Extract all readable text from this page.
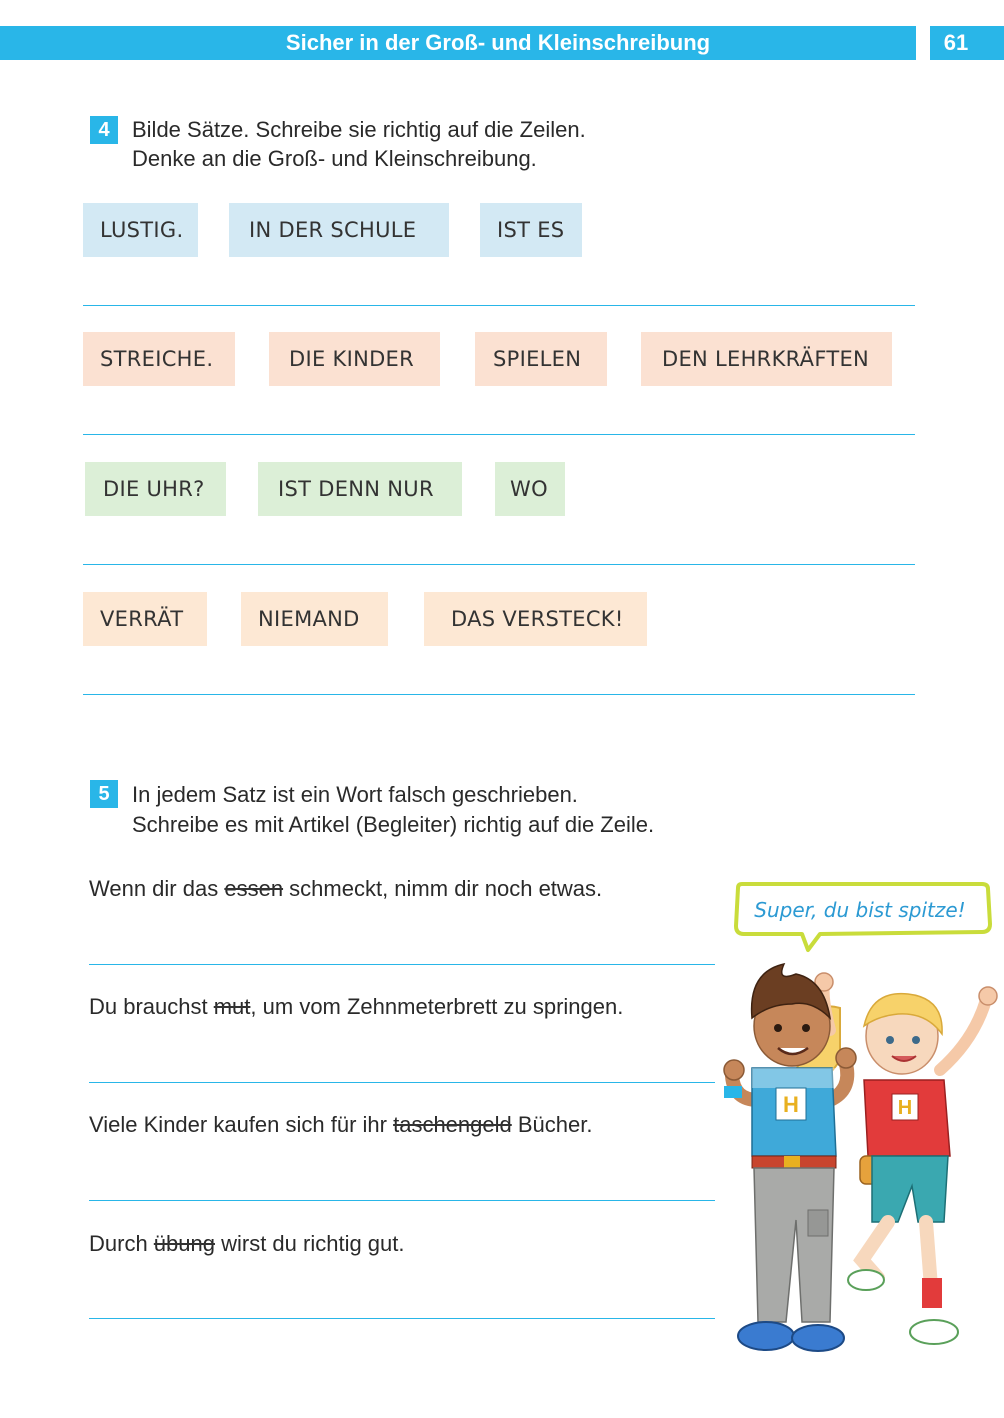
Sicher in der Groß- und Kleinschreibung	61
4	Bilde Sätze. Schreibe sie richtig auf die Zeilen.
Denke an die Groß- und Kleinschreibung.
LUSTIG.	IN DER SCHULE	IST ES
STREICHE.	DIE KINDER	SPIELEN	DEN LEHRKRÄFTEN
DIE UHR?	IST DENN NUR	WO
VERRÄT	NIEMAND	DAS VERSTECK!
5	In jedem Satz ist ein Wort falsch geschrieben.
Schreibe es mit Artikel (Begleiter) richtig auf die Zeile.
Wenn dir das essen schmeckt, nimm dir noch etwas.
Du brauchst mut, um vom Zehnmeterbrett zu springen.
Viele Kinder kaufen sich für ihr taschengeld Bücher.
Durch übung wirst du richtig gut.
Super, du bist spitze!
H
H
